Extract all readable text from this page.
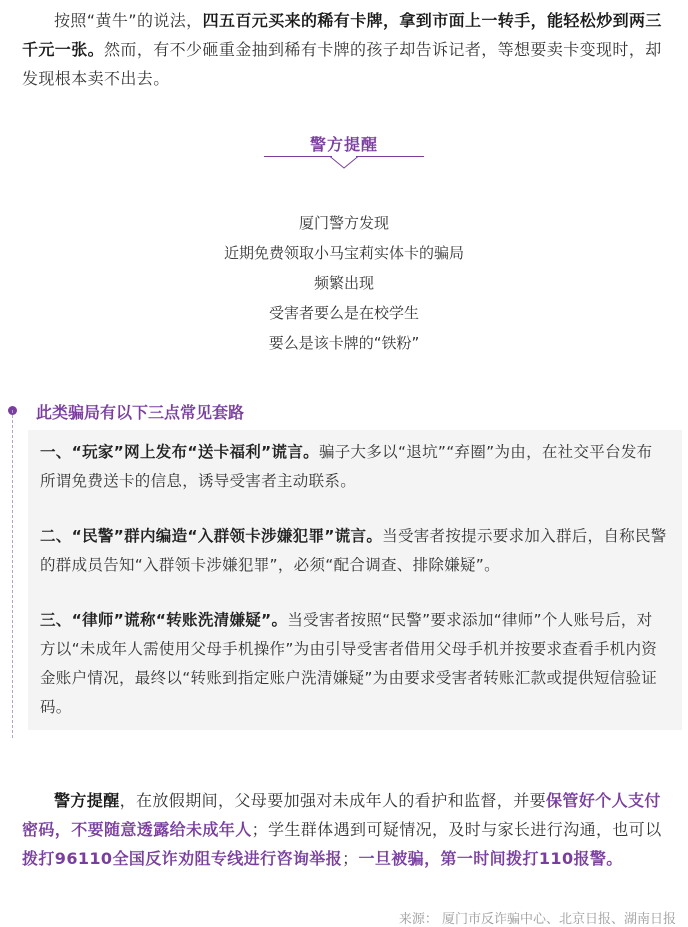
按照“黄牛”的说法，四五百元买来的稀有卡牌，拿到市面上一转手，能轻松炒到两三千元一张。然而，有不少砸重金抽到稀有卡牌的孩子却告诉记者，等想要卖卡变现时，却发现根本卖不出去。
警方提醒
厦门警方发现
近期免费领取小马宝莉实体卡的骗局
频繁出现
受害者要么是在校学生
要么是该卡牌的“铁粉”
此类骗局有以下三点常见套路
一、“玩家”网上发布“送卡福利”谎言。骗子大多以“退坑”“弃圈”为由，在社交平台发布所谓免费送卡的信息，诱导受害者主动联系。
二、“民警”群内编造“入群领卡涉嫌犯罪”谎言。当受害者按提示要求加入群后，自称民警的群成员告知“入群领卡涉嫌犯罪”，必须“配合调查、排除嫌疑”。
三、“律师”谎称“转账洗清嫌疑”。当受害者按照“民警”要求添加“律师”个人账号后，对方以“未成年人需使用父母手机操作”为由引导受害者借用父母手机并按要求查看手机内资金账户情况，最终以“转账到指定账户洗清嫌疑”为由要求受害者转账汇款或提供短信验证码。
警方提醒，在放假期间，父母要加强对未成年人的看护和监督，并要保管好个人支付密码，不要随意透露给未成年人；学生群体遇到可疑情况，及时与家长进行沟通，也可以拨打96110全国反诈劝阻专线进行咨询举报；一旦被骗，第一时间拨打110报警。
来源： 厦门市反诈骗中心、北京日报、湖南日报
